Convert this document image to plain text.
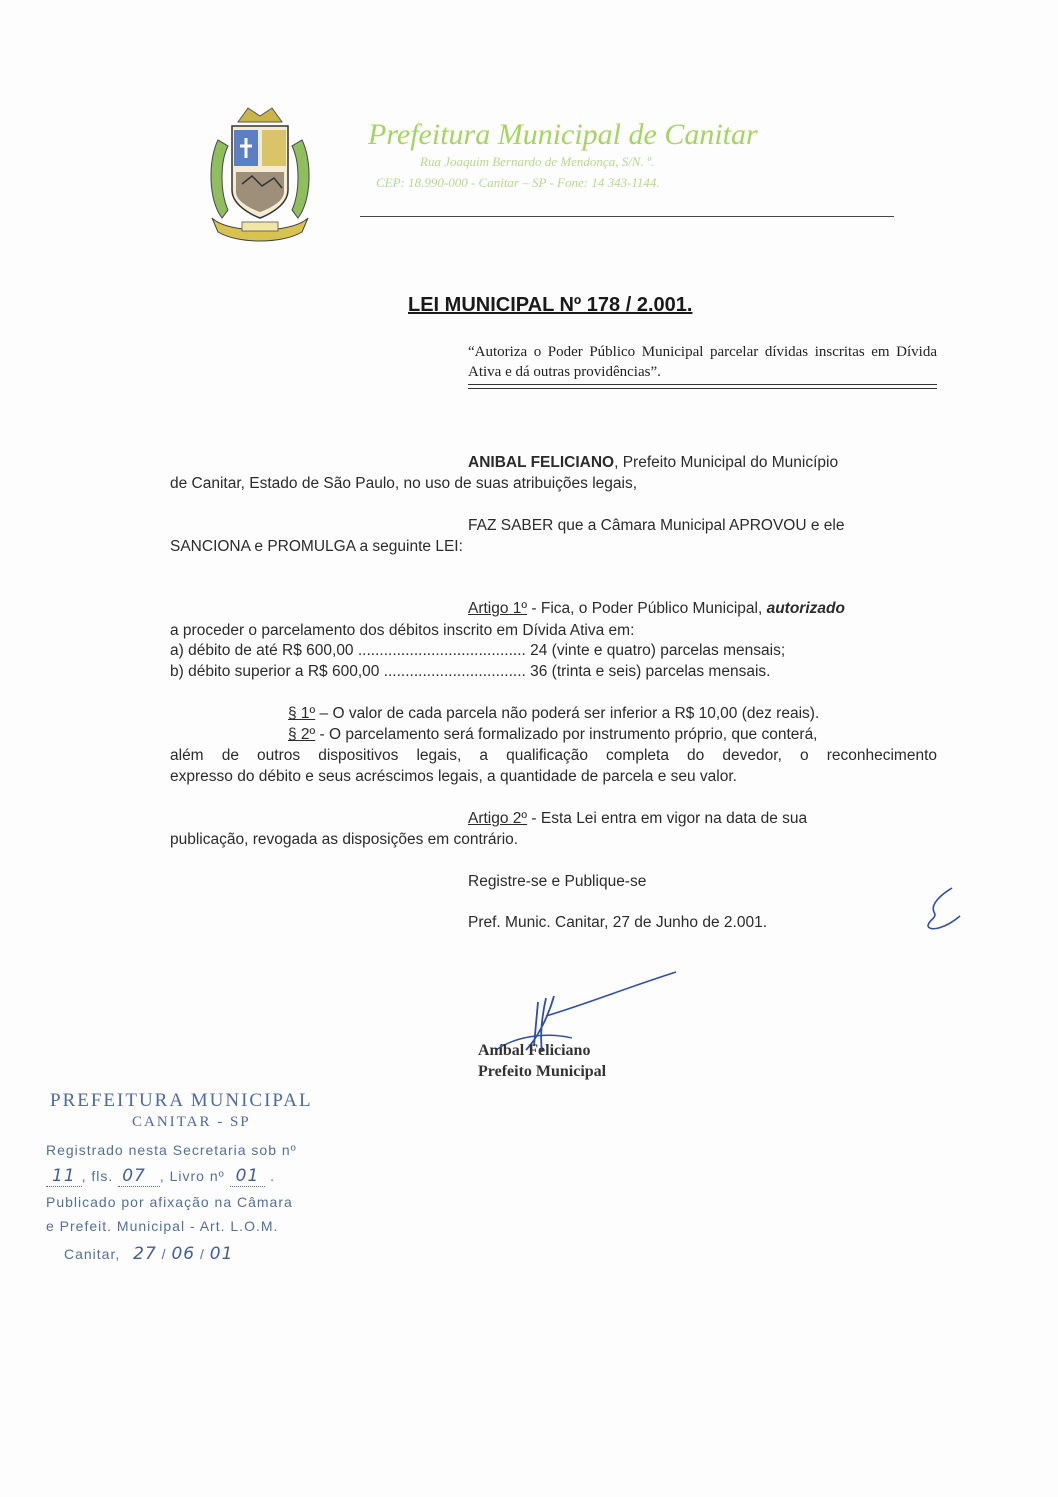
Prefeitura Municipal de Canitar
Rua Joaquim Bernardo de Mendonça, S/N. º.
CEP: 18.990-000 - Canitar – SP - Fone: 14 343-1144.
LEI MUNICIPAL Nº 178 / 2.001.
“Autoriza o Poder Público Municipal parcelar dívidas inscritas em Dívida Ativa e dá outras providências”.
ANIBAL FELICIANO, Prefeito Municipal do Município
de Canitar, Estado de São Paulo, no uso de suas atribuições legais,
FAZ SABER que a Câmara Municipal APROVOU e ele
SANCIONA e PROMULGA a seguinte LEI:
Artigo 1º - Fica, o Poder Público Municipal, autorizado
a proceder o parcelamento dos débitos inscrito em Dívida Ativa em:
a) débito de até R$ 600,00 ....................................... 24 (vinte e quatro) parcelas mensais;
b) débito superior a R$ 600,00 ................................. 36 (trinta e seis) parcelas mensais.
§ 1º – O valor de cada parcela não poderá ser inferior a R$ 10,00 (dez reais).
§ 2º - O parcelamento será formalizado por instrumento próprio, que conterá,
além de outros dispositivos legais, a qualificação completa do devedor, o reconhecimento
expresso do débito e seus acréscimos legais, a quantidade de parcela e seu valor.
Artigo 2º - Esta Lei entra em vigor na data de sua
publicação, revogada as disposições em contrário.
Registre-se e Publique-se
Pref. Munic. Canitar, 27 de Junho de 2.001.
Aníbal Feliciano
Prefeito Municipal
PREFEITURA MUNICIPAL
CANITAR - SP
Registrado nesta Secretaria sob nº
11 , fls. 07 , Livro nº 01 .
Publicado por afixação na Câmara
e Prefeit. Municipal - Art. L.O.M.
Canitar, 27 / 06 / 01
